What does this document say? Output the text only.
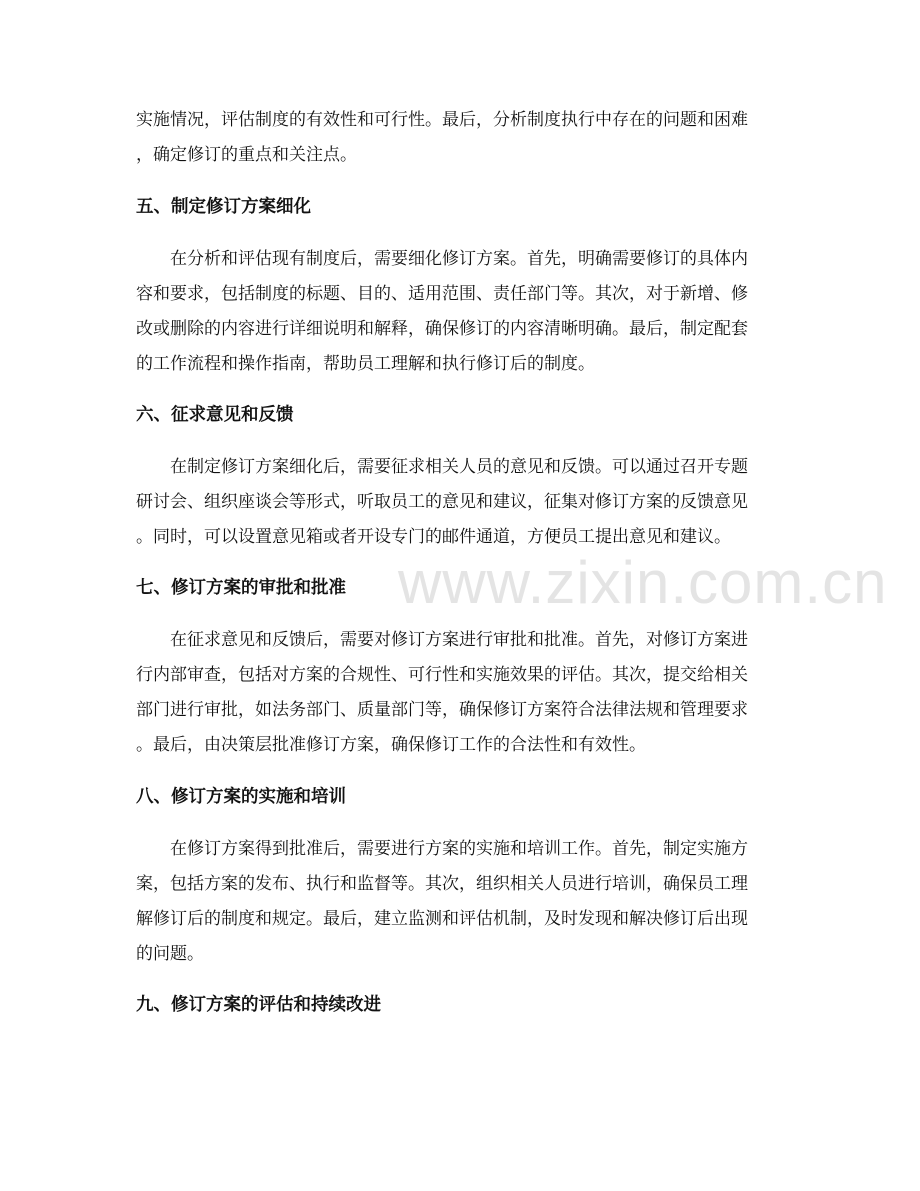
www.zixin.com.cn

实施情况，评估制度的有效性和可行性。最后，分析制度执行中存在的问题和困难
，确定修订的重点和关注点。

五、制定修订方案细化

在分析和评估现有制度后，需要细化修订方案。首先，明确需要修订的具体内
容和要求，包括制度的标题、目的、适用范围、责任部门等。其次，对于新增、修
改或删除的内容进行详细说明和解释，确保修订的内容清晰明确。最后，制定配套
的工作流程和操作指南，帮助员工理解和执行修订后的制度。

六、征求意见和反馈

在制定修订方案细化后，需要征求相关人员的意见和反馈。可以通过召开专题
研讨会、组织座谈会等形式，听取员工的意见和建议，征集对修订方案的反馈意见
。同时，可以设置意见箱或者开设专门的邮件通道，方便员工提出意见和建议。

七、修订方案的审批和批准

在征求意见和反馈后，需要对修订方案进行审批和批准。首先，对修订方案进
行内部审查，包括对方案的合规性、可行性和实施效果的评估。其次，提交给相关
部门进行审批，如法务部门、质量部门等，确保修订方案符合法律法规和管理要求
。最后，由决策层批准修订方案，确保修订工作的合法性和有效性。

八、修订方案的实施和培训

在修订方案得到批准后，需要进行方案的实施和培训工作。首先，制定实施方
案，包括方案的发布、执行和监督等。其次，组织相关人员进行培训，确保员工理
解修订后的制度和规定。最后，建立监测和评估机制，及时发现和解决修订后出现
的问题。

九、修订方案的评估和持续改进
